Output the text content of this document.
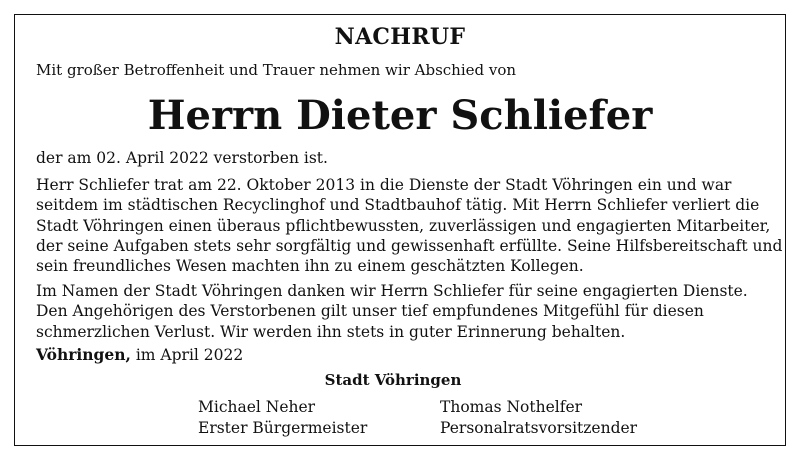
NACHRUF
Mit großer Betroffenheit und Trauer nehmen wir Abschied von
Herrn Dieter Schliefer
der am 02. April 2022 verstorben ist.
Herr Schliefer trat am 22. Oktober 2013 in die Dienste der Stadt Vöhringen ein und war
seitdem im städtischen Recyclinghof und Stadtbauhof tätig. Mit Herrn Schliefer verliert die
Stadt Vöhringen einen überaus pflichtbewussten, zuverlässigen und engagierten Mitarbeiter,
der seine Aufgaben stets sehr sorgfältig und gewissenhaft erfüllte. Seine Hilfsbereitschaft und
sein freundliches Wesen machten ihn zu einem geschätzten Kollegen.
Im Namen der Stadt Vöhringen danken wir Herrn Schliefer für seine engagierten Dienste.
Den Angehörigen des Verstorbenen gilt unser tief empfundenes Mitgefühl für diesen
schmerzlichen Verlust. Wir werden ihn stets in guter Erinnerung behalten.
Vöhringen, im April 2022
Stadt Vöhringen
Michael Neher
Erster Bürgermeister
Thomas Nothelfer
Personalratsvorsitzender
